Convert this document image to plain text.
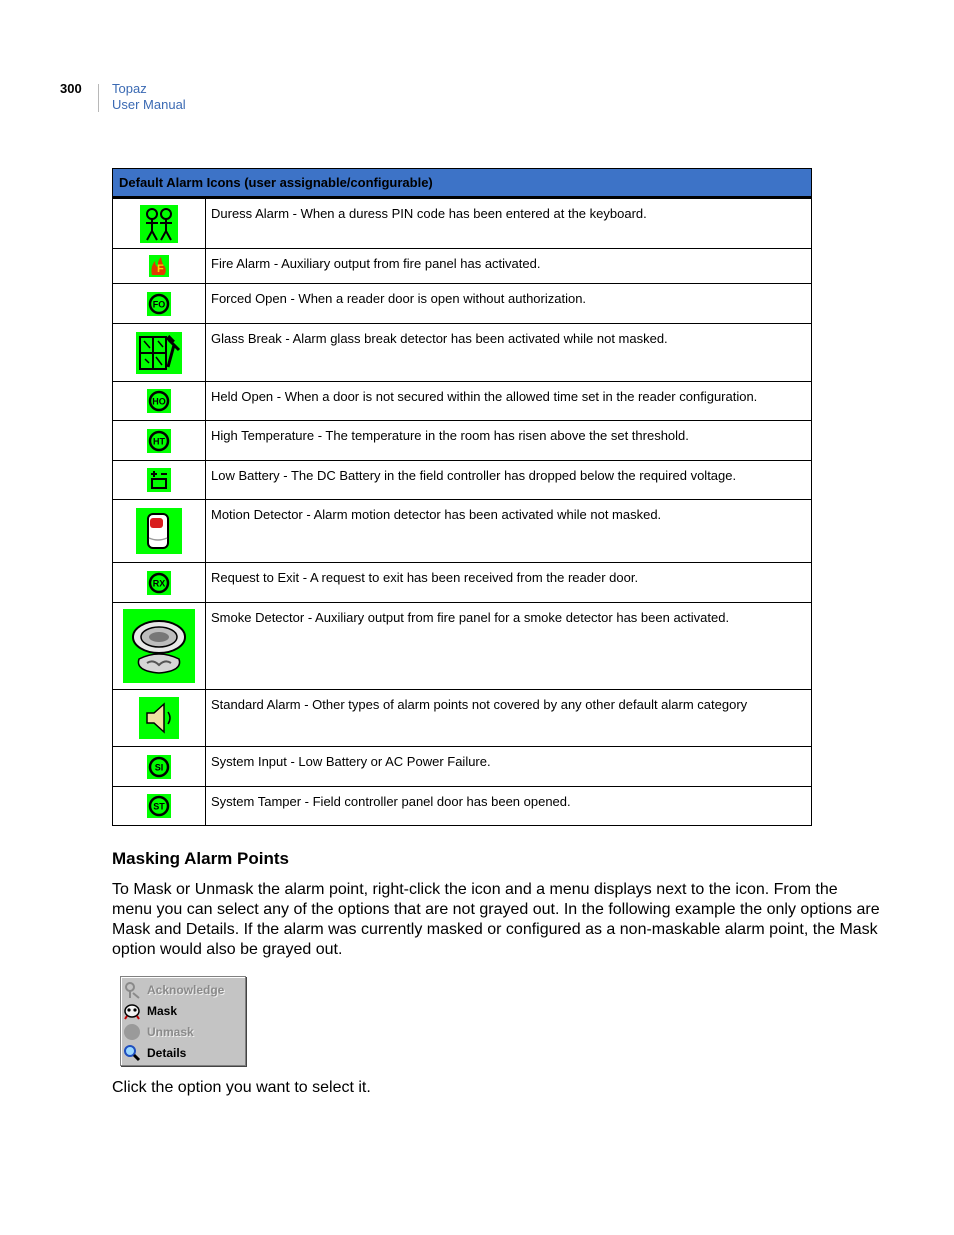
300 Topaz
User Manual
Default Alarm Icons (user assignable/configurable)	
	Duress Alarm - When a duress PIN code has been entered at the keyboard.

F	Fire Alarm - Auxiliary output from fire panel has activated.

FO	Forced Open - When a reader door is open without authorization.
	Glass Break - Alarm glass break detector has been activated while not masked.

HO	Held Open - When a door is not secured within the allowed time set in the reader configuration.

HT	High Temperature - The temperature in the room has risen above the set threshold.
	Low Battery - The DC Battery in the field controller has dropped below the required voltage.
	Motion Detector - Alarm motion detector has been activated while not masked.

RX	Request to Exit - A request to exit has been received from the reader door.
	Smoke Detector - Auxiliary output from fire panel for a smoke detector has been activated.
	Standard Alarm - Other types of alarm points not covered by any other default alarm category

SI	System Input - Low Battery or AC Power Failure.

ST	System Tamper - Field controller panel door has been opened.
Masking Alarm Points
To Mask or Unmask the alarm point, right-click the icon and a menu displays next to the icon. From the menu you can select any of the options that are not grayed out. In the following example the only options are Mask and Details. If the alarm was currently masked or configured as a non-maskable alarm point, the Mask option would also be grayed out.
Acknowledge
Mask
Unmask
Details
Click the option you want to select it.
